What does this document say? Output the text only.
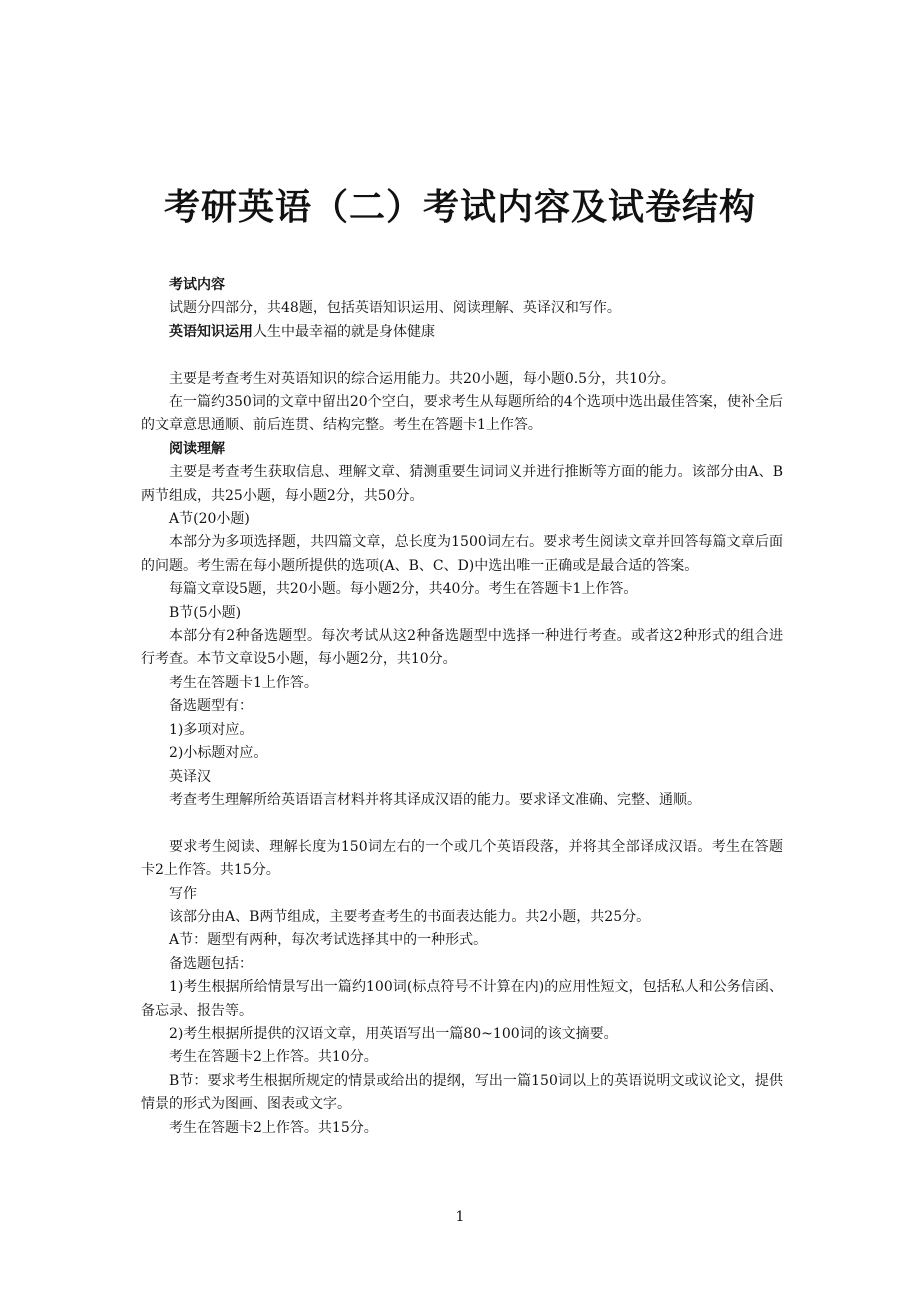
考研英语（二）考试内容及试卷结构

考试内容

试题分四部分，共48题，包括英语知识运用、阅读理解、英译汉和写作。

英语知识运用人生中最幸福的就是身体健康

主要是考查考生对英语知识的综合运用能力。共20小题，每小题0.5分，共10分。

在一篇约350词的文章中留出20个空白，要求考生从每题所给的4个选项中选出最佳答案，使补全后的文章意思通顺、前后连贯、结构完整。考生在答题卡1上作答。

阅读理解

主要是考查考生获取信息、理解文章、猜测重要生词词义并进行推断等方面的能力。该部分由A、B两节组成，共25小题，每小题2分，共50分。

A节(20小题)

本部分为多项选择题，共四篇文章，总长度为1500词左右。要求考生阅读文章并回答每篇文章后面的问题。考生需在每小题所提供的选项(A、B、C、D)中选出唯一正确或是最合适的答案。

每篇文章设5题，共20小题。每小题2分，共40分。考生在答题卡1上作答。

B节(5小题)

本部分有2种备选题型。每次考试从这2种备选题型中选择一种进行考查。或者这2种形式的组合进行考查。本节文章设5小题，每小题2分，共10分。

考生在答题卡1上作答。

备选题型有：

1)多项对应。

2)小标题对应。

英译汉

考查考生理解所给英语语言材料并将其译成汉语的能力。要求译文准确、完整、通顺。

要求考生阅读、理解长度为150词左右的一个或几个英语段落，并将其全部译成汉语。考生在答题卡2上作答。共15分。

写作

该部分由A、B两节组成，主要考查考生的书面表达能力。共2小题，共25分。

A节：题型有两种，每次考试选择其中的一种形式。

备选题包括：

1)考生根据所给情景写出一篇约100词(标点符号不计算在内)的应用性短文，包括私人和公务信函、备忘录、报告等。

2)考生根据所提供的汉语文章，用英语写出一篇80~100词的该文摘要。

考生在答题卡2上作答。共10分。

B节：要求考生根据所规定的情景或给出的提纲，写出一篇150词以上的英语说明文或议论文，提供情景的形式为图画、图表或文字。

考生在答题卡2上作答。共15分。

1
